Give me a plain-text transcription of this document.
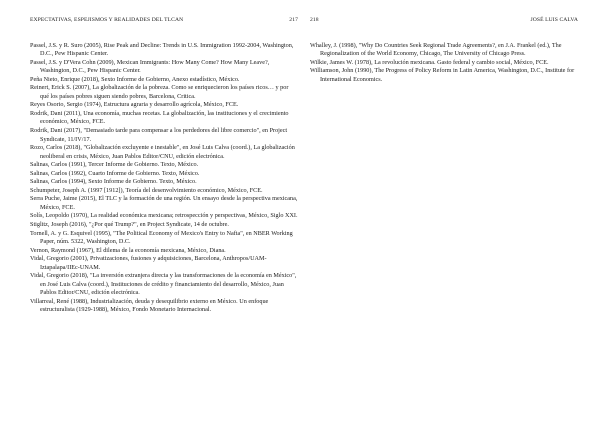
EXPECTATIVAS, ESPEJISMOS Y REALIDADES DEL TLCAN	217
Passel, J.S. y R. Suro (2005), Rise Peak and Decline: Trends in U.S. Immigration 1992-2004, Washington, D.C., Pew Hispanic Center.
Passel, J.S. y D'Vera Cohn (2009), Mexican Immigrants: How Many Come? How Many Leave?, Washington, D.C., Pew Hispanic Center.
Peña Nieto, Enrique (2018), Sexto Informe de Gobierno, Anexo estadístico, México.
Reinert, Erick S. (2007), La globalización de la pobreza. Como se enriquecieron los países ricos… y por qué los países pobres siguen siendo pobres, Barcelona, Critica.
Reyes Osorio, Sergio (1974), Estructura agraria y desarrollo agrícola, México, FCE.
Rodrik, Dani (2011), Una economía, muchas recetas. La globalización, las instituciones y el crecimiento económico, México, FCE.
Rodrik, Dani (2017), "Demasiado tarde para compensar a los perdedores del libre comercio", en Project Syndicate, 11/IV/17.
Rozo, Carlos (2018), "Globalización excluyente e inestable", en José Luis Calva (coord.), La globalización neoliberal en crisis, México, Juan Pablos Editor/CNU, edición electrónica.
Salinas, Carlos (1991), Tercer Informe de Gobierno. Texto, México.
Salinas, Carlos (1992), Cuarto Informe de Gobierno. Texto, México.
Salinas, Carlos (1994), Sexto Informe de Gobierno. Texto, México.
Schumpeter, Joseph A. (1997 [1912]), Teoría del desenvolvimiento económico, México, FCE.
Serra Puche, Jaime (2015), El TLC y la formación de una región. Un ensayo desde la perspectiva mexicana, México, FCE.
Solís, Leopoldo (1970), La realidad económica mexicana; retrospección y perspectivas, México, Siglo XXI.
Stiglitz, Joseph (2016), "¿Por qué Trump?", en Project Syndicate, 14 de octubre.
Tornell, A. y G. Esquivel (1995), "The Political Economy of Mexico's Entry to Nafta", en NBER Working Paper, núm. 5322, Washington, D.C.
Vernon, Raymond (1967), El dilema de la economía mexicana, México, Diana.
Vidal, Gregorio (2001), Privatizaciones, fusiones y adquisiciones, Barcelona, Anthropos/UAM-Iztapalapa/IIEc-UNAM.
Vidal, Gregorio (2018), "La inversión extranjera directa y las transformaciones de la economía en México", en José Luis Calva (coord.), Instituciones de crédito y financiamiento del desarrollo, México, Juan Pablos Editor/CNU, edición electrónica.
Villarreal, René (1988), Industrialización, deuda y desequilibrio externo en México. Un enfoque estructuralista (1929-1988), México, Fondo Monetario Internacional.
218	JOSÉ LUIS CALVA
Whalley, J. (1998), "Why Do Countries Seek Regional Trade Agreements?, en J.A. Frankel (ed.), The Regionalization of the World Economy, Chicago, The University of Chicago Press.
Wilkie, James W. (1978), La revolución mexicana. Gasto federal y cambio social, México, FCE.
Williamson, John (1990), The Progress of Policy Reform in Latin America, Washington, D.C., Institute for International Economics.
